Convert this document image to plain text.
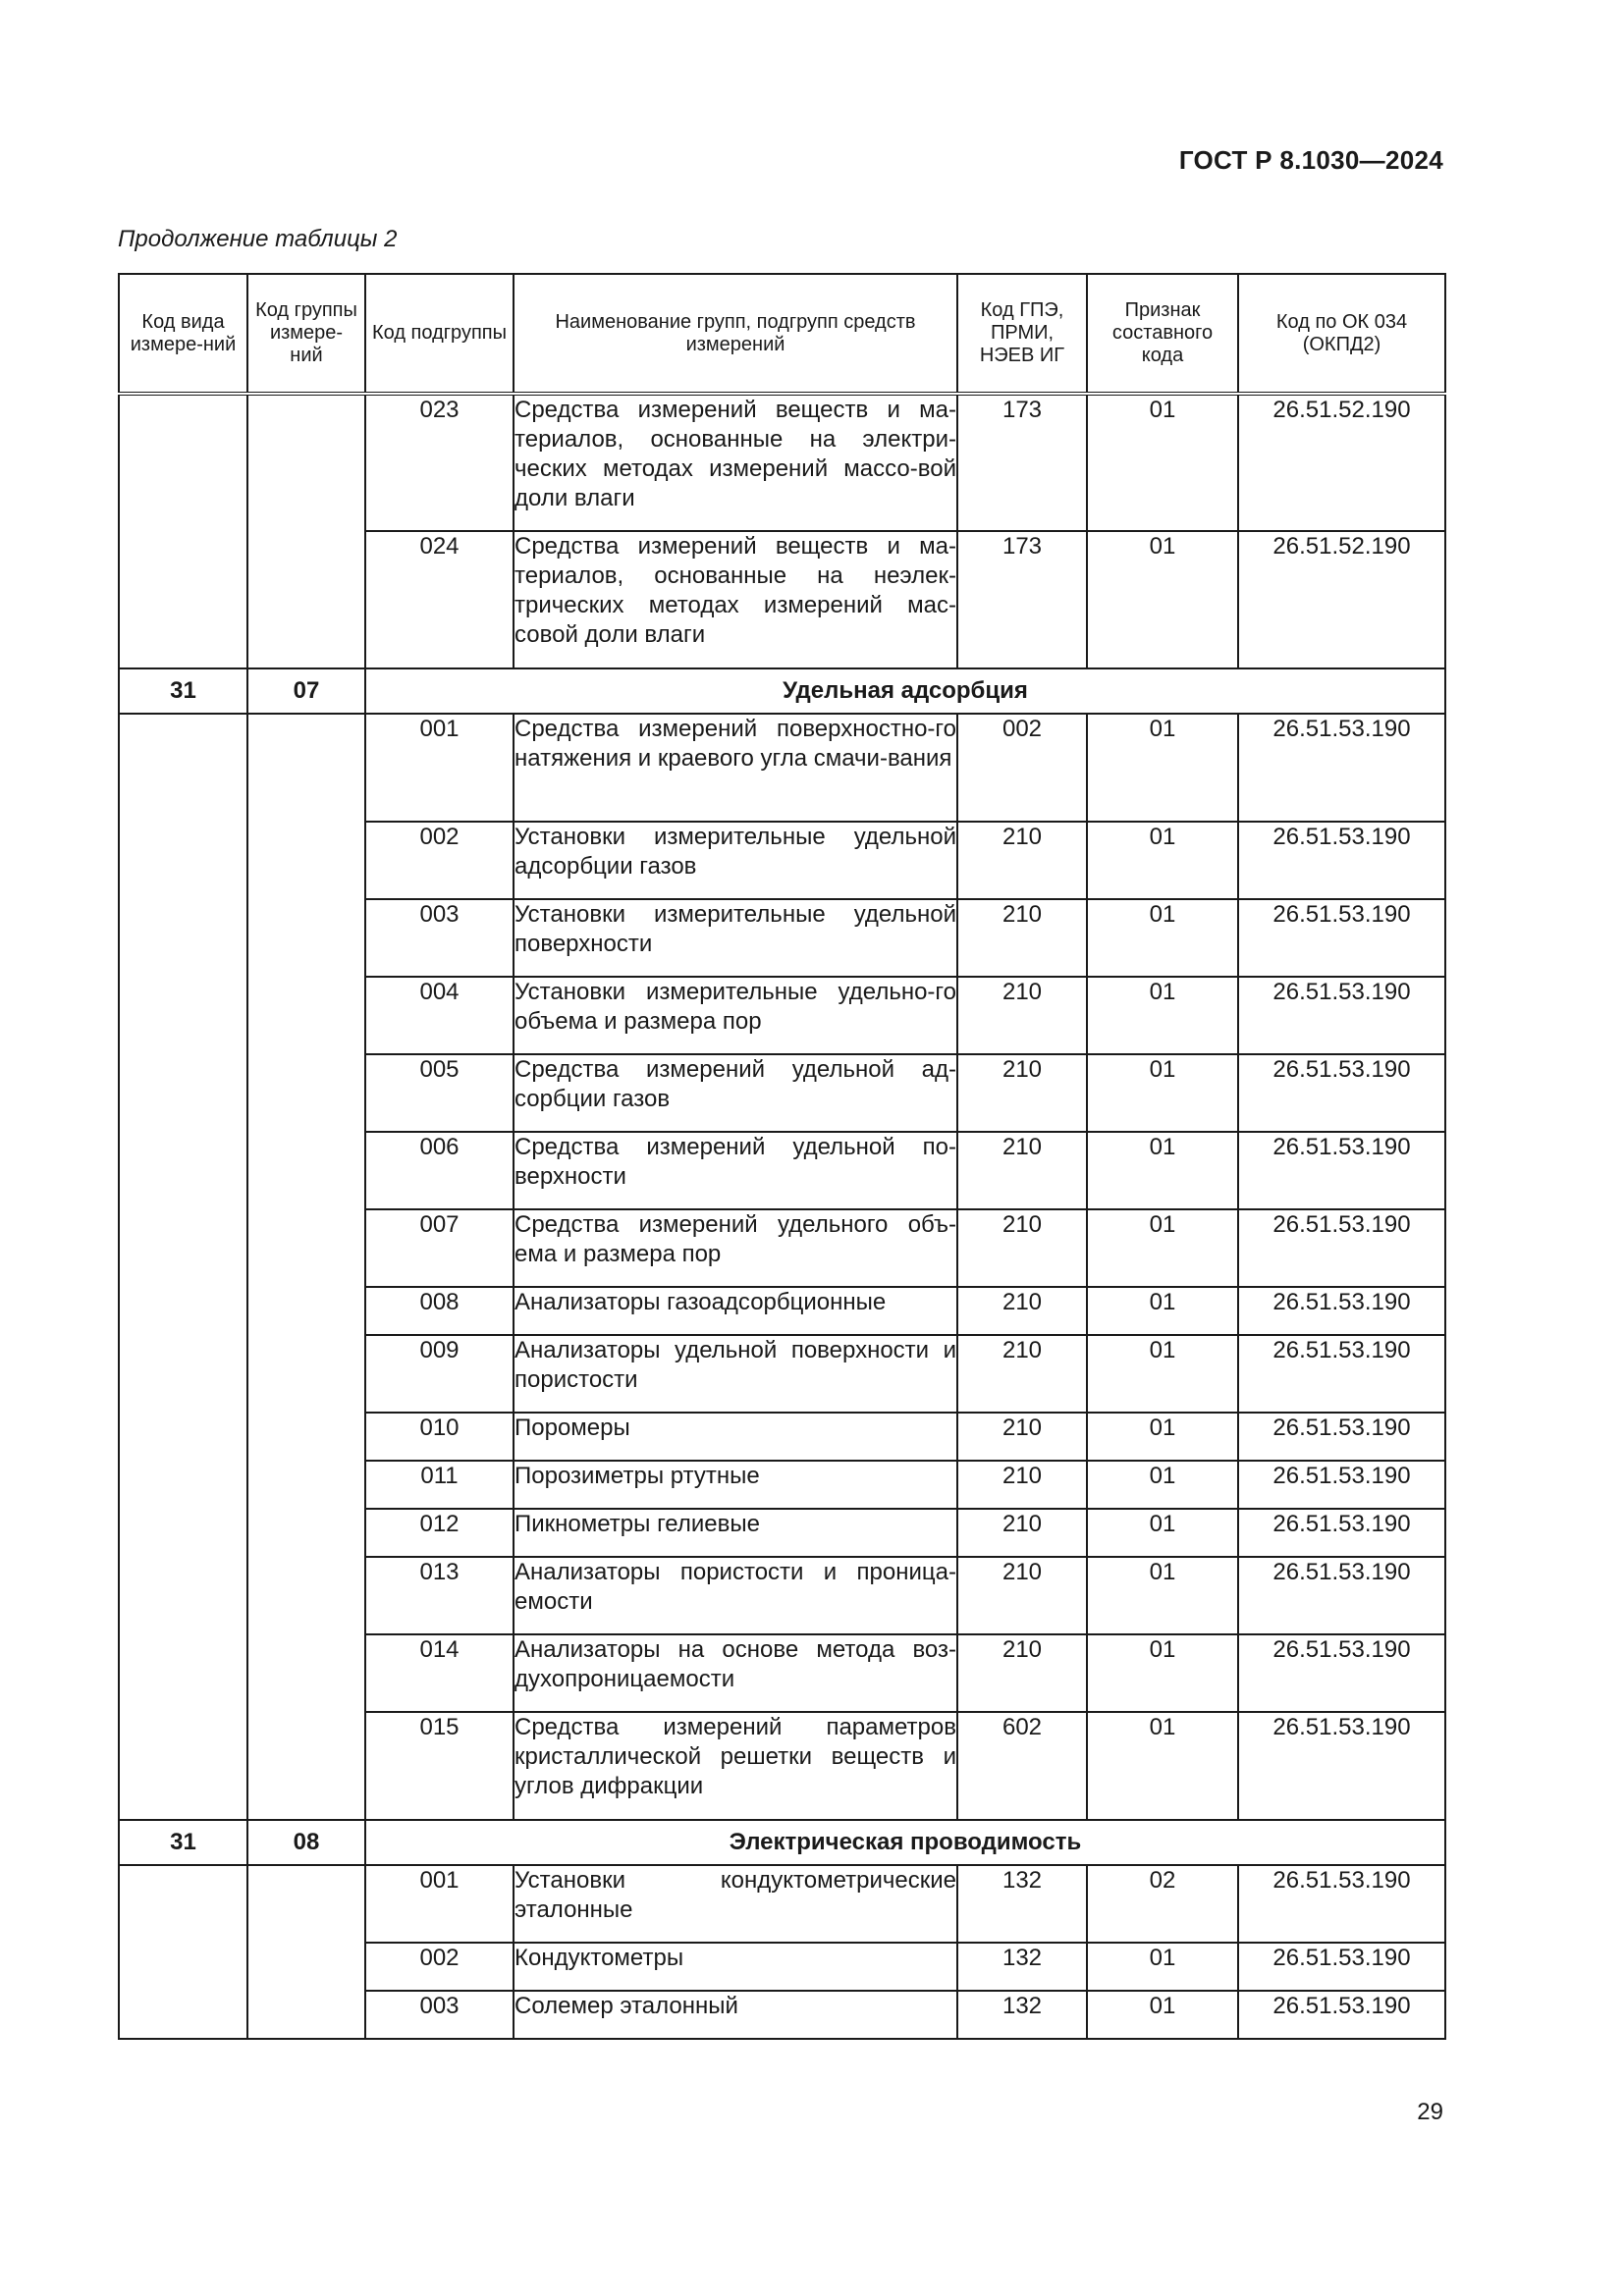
ГОСТ Р 8.1030—2024
Продолжение таблицы 2
Код вида измере-ний	Код группы измере-ний	Код подгруппы	Наименование групп, подгрупп средств измерений	Код ГПЭ, ПРМИ, НЭЕВ ИГ	Признак составного кода	Код по ОК 034 (ОКПД2)
		023	Средства измерений веществ и ма-териалов, основанные на электри-ческих методах измерений массо-вой доли влаги	173	01	26.51.52.190
		024	Средства измерений веществ и ма-териалов, основанные на неэлек-трических методах измерений мас-совой доли влаги	173	01	26.51.52.190
31	07	Удельная адсорбция				
		001	Средства измерений поверхностно-го натяжения и краевого угла смачи-вания	002	01	26.51.53.190
		002	Установки измерительные удельной адсорбции газов	210	01	26.51.53.190
		003	Установки измерительные удельной поверхности	210	01	26.51.53.190
		004	Установки измерительные удельно-го объема и размера пор	210	01	26.51.53.190
		005	Средства измерений удельной ад-сорбции газов	210	01	26.51.53.190
		006	Средства измерений удельной по-верхности	210	01	26.51.53.190
		007	Средства измерений удельного объ-ема и размера пор	210	01	26.51.53.190
		008	Анализаторы газоадсорбционные	210	01	26.51.53.190
		009	Анализаторы удельной поверхности и пористости	210	01	26.51.53.190
		010	Поромеры	210	01	26.51.53.190
		011	Порозиметры ртутные	210	01	26.51.53.190
		012	Пикнометры гелиевые	210	01	26.51.53.190
		013	Анализаторы пористости и проница-емости	210	01	26.51.53.190
		014	Анализаторы на основе метода воз-духопроницаемости	210	01	26.51.53.190
		015	Средства измерений параметров кристаллической решетки веществ и углов дифракции	602	01	26.51.53.190
31	08	Электрическая проводимость				
		001	Установки кондуктометрические эталонные	132	02	26.51.53.190
		002	Кондуктометры	132	01	26.51.53.190
		003	Солемер эталонный	132	01	26.51.53.190
29
